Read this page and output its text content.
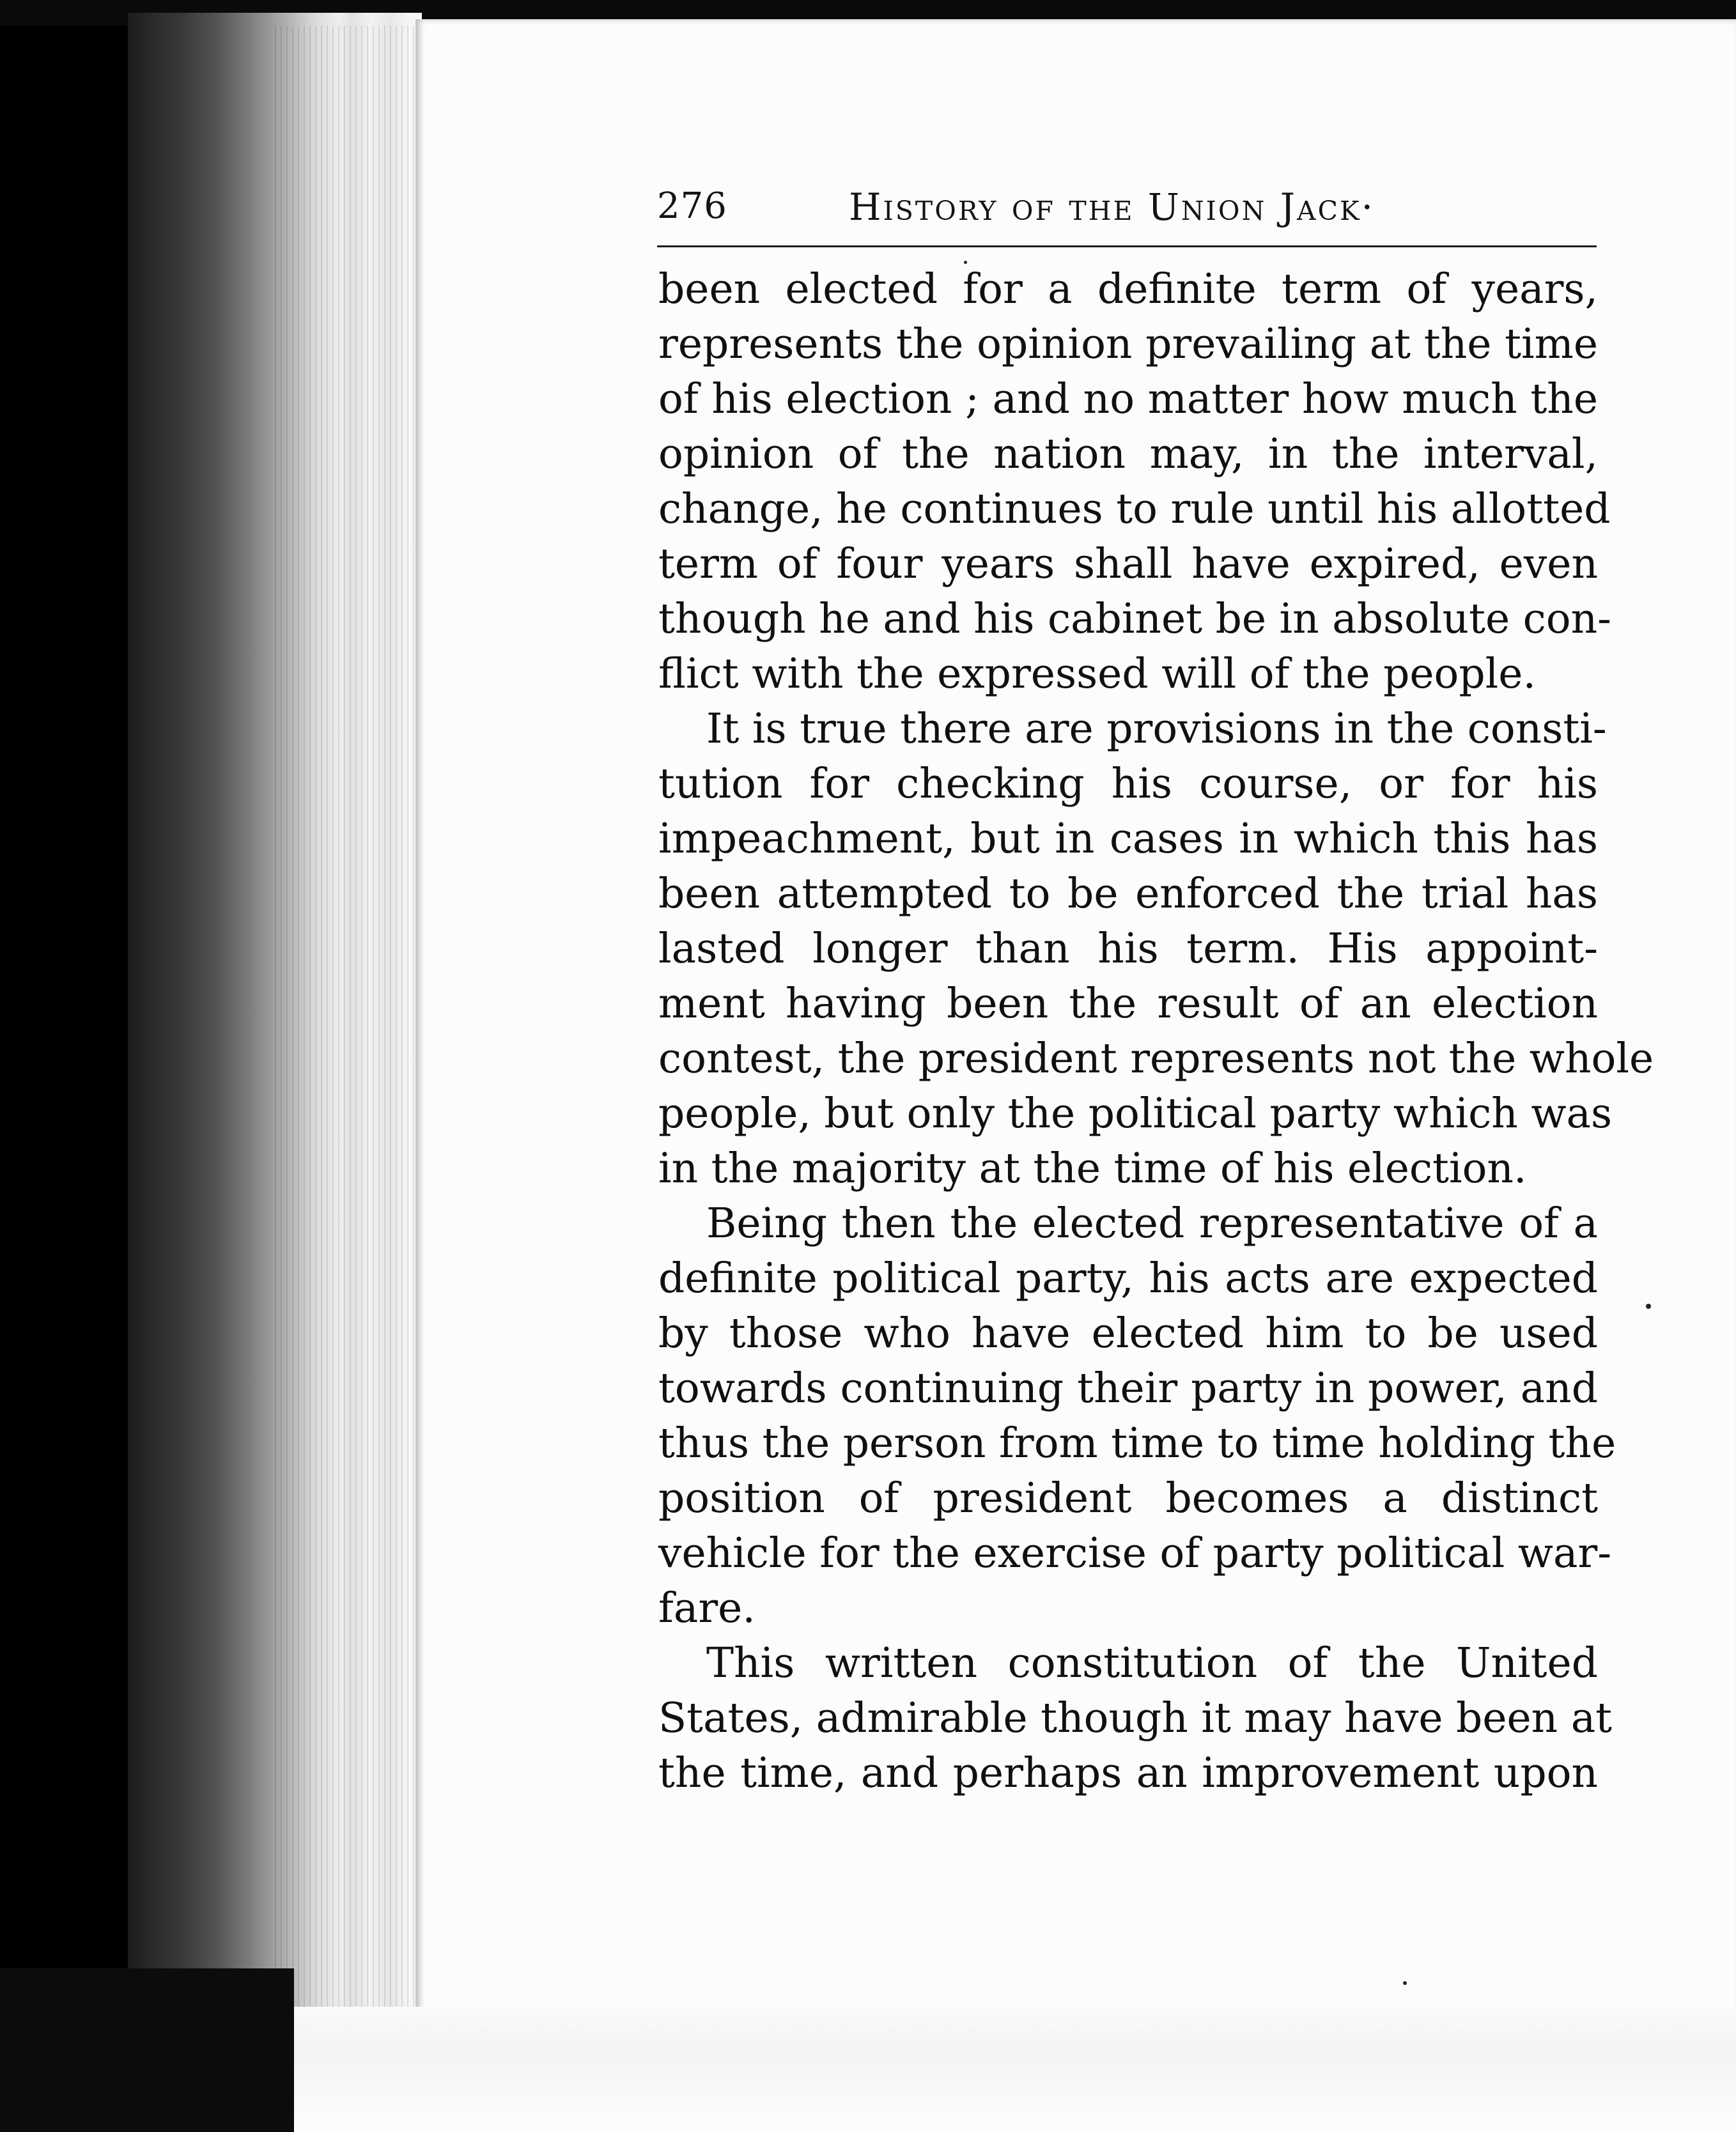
276	History of the Union Jack·
been elected for a definite term of years,
represents the opinion prevailing at the time
of his election ; and no matter how much the
opinion of the nation may, in the interval,
change, he continues to rule until his allotted
term of four years shall have expired, even
though he and his cabinet be in absolute con-
flict with the expressed will of the people.
It is true there are provisions in the consti-
tution for checking his course, or for his
impeachment, but in cases in which this has
been attempted to be enforced the trial has
lasted longer than his term. His appoint-
ment having been the result of an election
contest, the president represents not the whole
people, but only the political party which was
in the majority at the time of his election.
Being then the elected representative of a
definite political party, his acts are expected
by those who have elected him to be used
towards continuing their party in power, and
thus the person from time to time holding the
position of president becomes a distinct
vehicle for the exercise of party political war-
fare.
This written constitution of the United
States, admirable though it may have been at
the time, and perhaps an improvement upon
